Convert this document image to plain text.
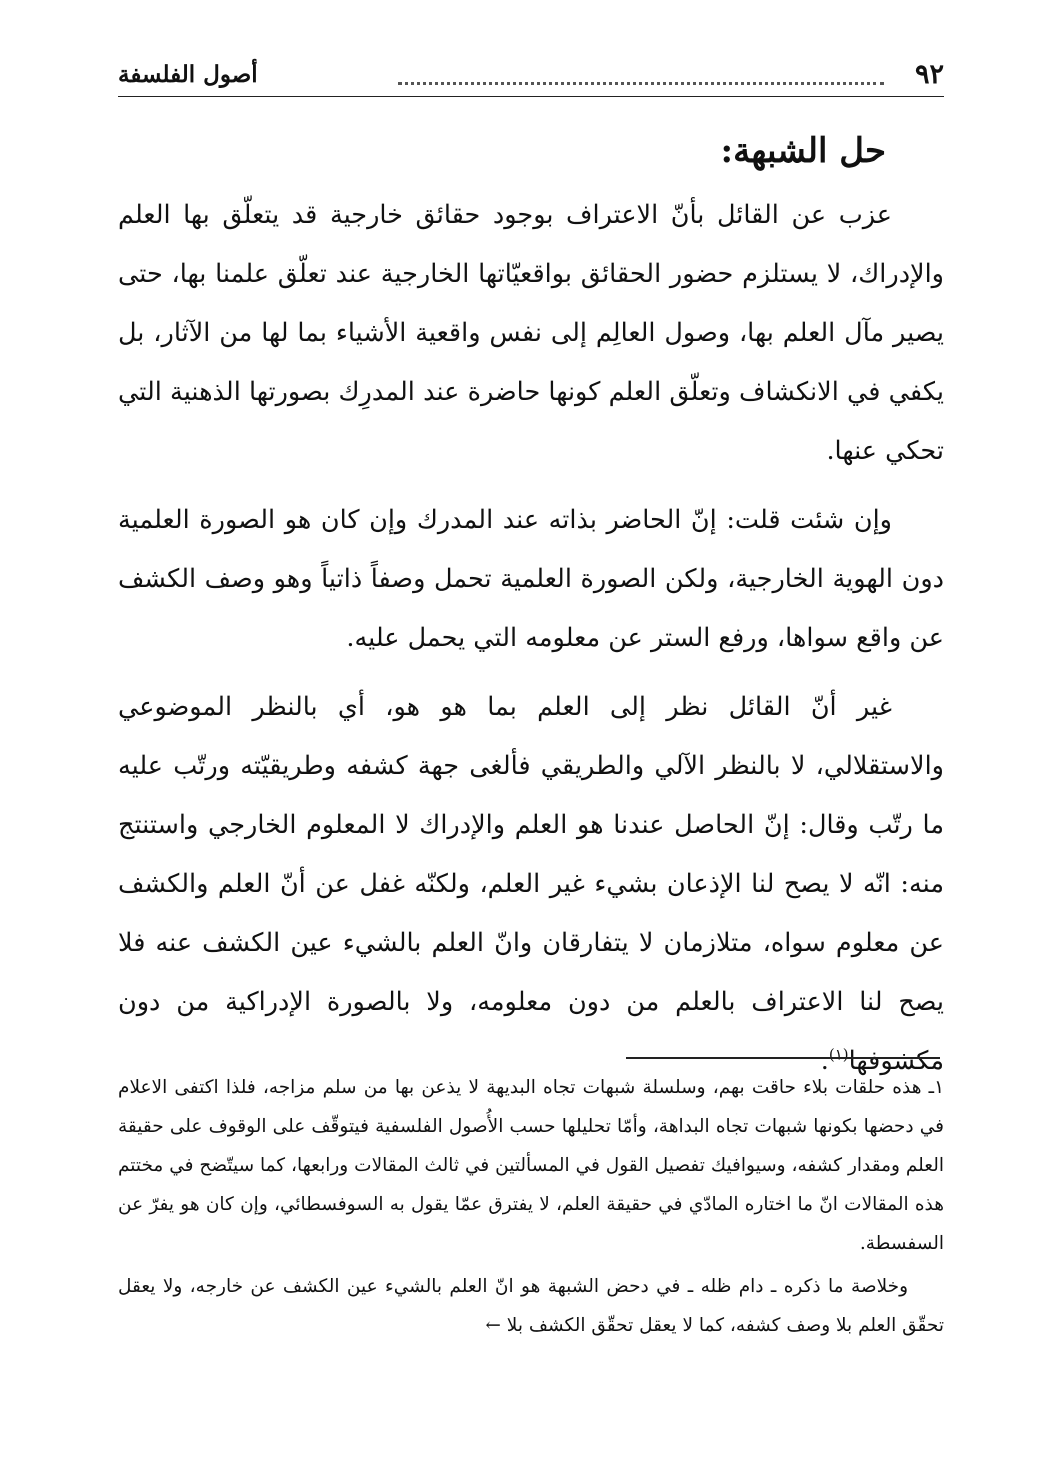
٩٢
أصول الفلسفة
حل الشبهة:

عزب عن القائل بأنّ الاعتراف بوجود حقائق خارجية قد يتعلّق بها العلم والإدراك، لا يستلزم حضور الحقائق بواقعيّاتها الخارجية عند تعلّق علمنا بها، حتى يصير مآل العلم بها، وصول العالِم إلى نفس واقعية الأشياء بما لها من الآثار، بل يكفي في الانكشاف وتعلّق العلم كونها حاضرة عند المدرِك بصورتها الذهنية التي تحكي عنها.

وإن شئت قلت: إنّ الحاضر بذاته عند المدرك وإن كان هو الصورة العلمية دون الهوية الخارجية، ولكن الصورة العلمية تحمل وصفاً ذاتياً وهو وصف الكشف عن واقع سواها، ورفع الستر عن معلومه التي يحمل عليه.

غير أنّ القائل نظر إلى العلم بما هو هو، أي بالنظر الموضوعي والاستقلالي، لا بالنظر الآلي والطريقي فألغى جهة كشفه وطريقيّته ورتّب عليه ما رتّب وقال: إنّ الحاصل عندنا هو العلم والإدراك لا المعلوم الخارجي واستنتج منه: انّه لا يصح لنا الإذعان بشيء غير العلم، ولكنّه غفل عن أنّ العلم والكشف عن معلوم سواه، متلازمان لا يتفارقان وانّ العلم بالشيء عين الكشف عنه فلا يصح لنا الاعتراف بالعلم من دون معلومه، ولا بالصورة الإدراكية من دون مكشوفها$^{(١)}$.

١ـ هذه حلقات بلاء حاقت بهم، وسلسلة شبهات تجاه البديهة لا يذعن بها من سلم مزاجه، فلذا اكتفى الاعلام في دحضها بكونها شبهات تجاه البداهة، وأمّا تحليلها حسب الأُصول الفلسفية فيتوقّف على الوقوف على حقيقة العلم ومقدار كشفه، وسيوافيك تفصيل القول في المسألتين في ثالث المقالات ورابعها، كما سيتّضح في مختتم هذه المقالات انّ ما اختاره المادّي في حقيقة العلم، لا يفترق عمّا يقول به السوفسطائي، وإن كان هو يفرّ عن السفسطة.

وخلاصة ما ذكره ـ دام ظله ـ في دحض الشبهة هو انّ العلم بالشيء عين الكشف عن خارجه، ولا يعقل تحقّق العلم بلا وصف كشفه، كما لا يعقل تحقّق الكشف بلا ←
